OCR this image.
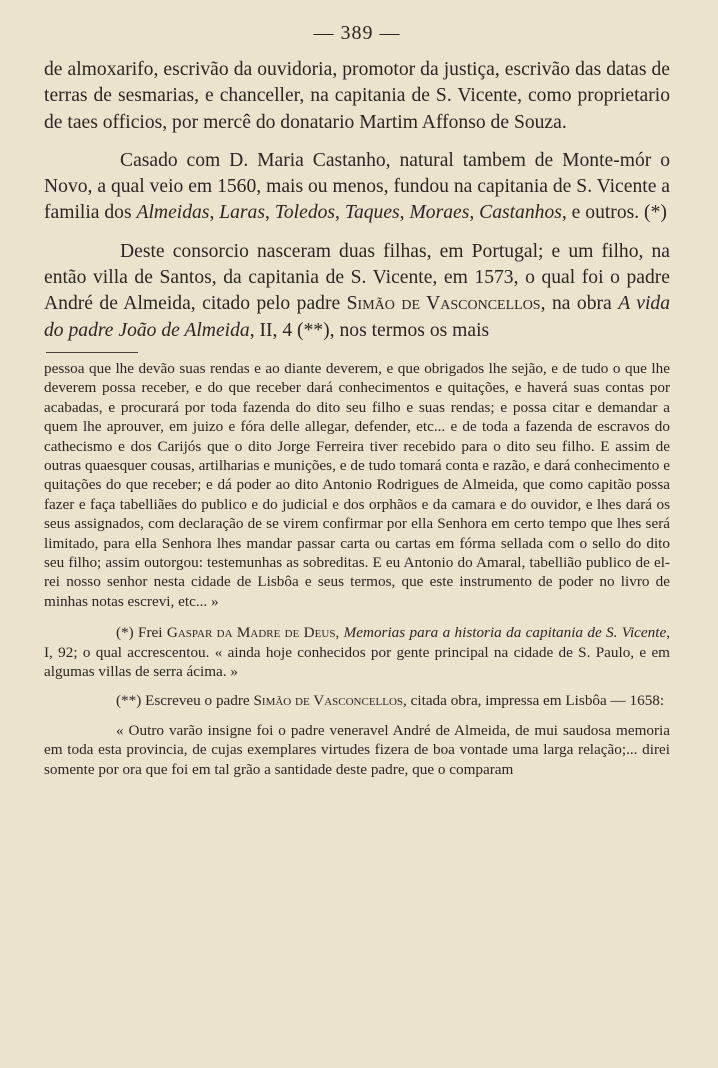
— 389 —

de almoxarifo, escrivão da ouvidoria, promotor da justiça, escrivão das datas de terras de sesmarias, e chanceller, na capitania de S. Vicente, como proprietario de taes officios, por mercê do donatario Martim Affonso de Souza.

Casado com D. Maria Castanho, natural tambem de Monte-mór o Novo, a qual veio em 1560, mais ou menos, fundou na capitania de S. Vicente a familia dos Almeidas, Laras, Toledos, Taques, Moraes, Castanhos, e outros. (*)

Deste consorcio nasceram duas filhas, em Portugal; e um filho, na então villa de Santos, da capitania de S. Vicente, em 1573, o qual foi o padre André de Almeida, citado pelo padre Simão de Vasconcellos, na obra A vida do padre João de Almeida, II, 4 (**), nos termos os mais

pessoa que lhe devão suas rendas e ao diante deverem, e que obrigados lhe sejão, e de tudo o que lhe deverem possa receber, e do que receber dará conhecimentos e quitações, e haverá suas contas por acabadas, e procurará por toda fazenda do dito seu filho e suas rendas; e possa citar e demandar a quem lhe aprouver, em juizo e fóra delle allegar, defender, etc... e de toda a fazenda de escravos do cathecismo e dos Carijós que o dito Jorge Ferreira tiver recebido para o dito seu filho. E assim de outras quaesquer cousas, artilharias e munições, e de tudo tomará conta e razão, e dará conhecimento e quitações do que receber; e dá poder ao dito Antonio Rodrigues de Almeida, que como capitão possa fazer e faça tabelliães do publico e do judicial e dos orphãos e da camara e do ouvidor, e lhes dará os seus assignados, com declaração de se virem confirmar por ella Senhora em certo tempo que lhes será limitado, para ella Senhora lhes mandar passar carta ou cartas em fórma sellada com o sello do dito seu filho; assim outorgou: testemunhas as sobreditas. E eu Antonio do Amaral, tabellião publico de el-rei nosso senhor nesta cidade de Lisbôa e seus termos, que este instrumento de poder no livro de minhas notas escrevi, etc... »

(*) Frei Gaspar da Madre de Deus, Memorias para a historia da capitania de S. Vicente, I, 92; o qual accrescentou. « ainda hoje conhecidos por gente principal na cidade de S. Paulo, e em algumas villas de serra ácima. »

(**) Escreveu o padre Simão de Vasconcellos, citada obra, impressa em Lisbôa — 1658:

« Outro varão insigne foi o padre veneravel André de Almeida, de mui saudosa memoria em toda esta provincia, de cujas exemplares virtudes fizera de boa vontade uma larga relação;... direi somente por ora que foi em tal grão a santidade deste padre, que o comparam
